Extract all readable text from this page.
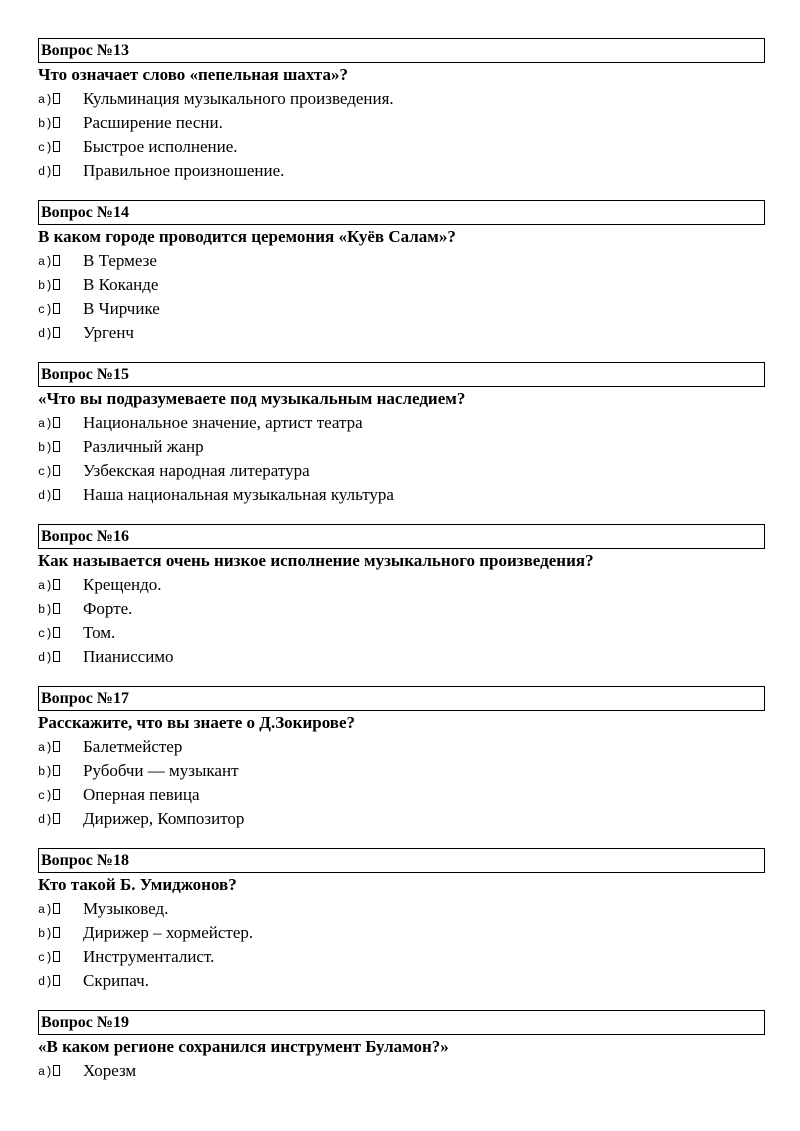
Вопрос №13
Что означает слово «пепельная шахта»?
a)	Кульминация музыкального произведения.
b)	Расширение песни.
c)	Быстрое исполнение.
d)	Правильное произношение.
Вопрос №14
В каком городе проводится церемония «Куёв Салам»?
a)	В Термезе
b)	В Коканде
c)	В Чирчике
d)	Ургенч
Вопрос №15
«Что вы подразумеваете под музыкальным наследием?
a)	Национальное значение, артист театра
b)	Различный жанр
c)	Узбекская народная литература
d)	Наша национальная музыкальная культура
Вопрос №16
Как называется очень низкое исполнение музыкального произведения?
a)	Крещендо.
b)	Форте.
c)	Том.
d)	Пианиссимо
Вопрос №17
Расскажите, что вы знаете о Д.Зокирове?
a)	Балетмейстер
b)	Рубобчи — музыкант
c)	Оперная певица
d)	Дирижер, Композитор
Вопрос №18
Кто такой Б. Умиджонов?
a)	Музыковед.
b)	Дирижер – хормейстер.
c)	Инструменталист.
d)	Скрипач.
Вопрос №19
«В каком регионе сохранился инструмент Буламон?»
a)	Хорезм
